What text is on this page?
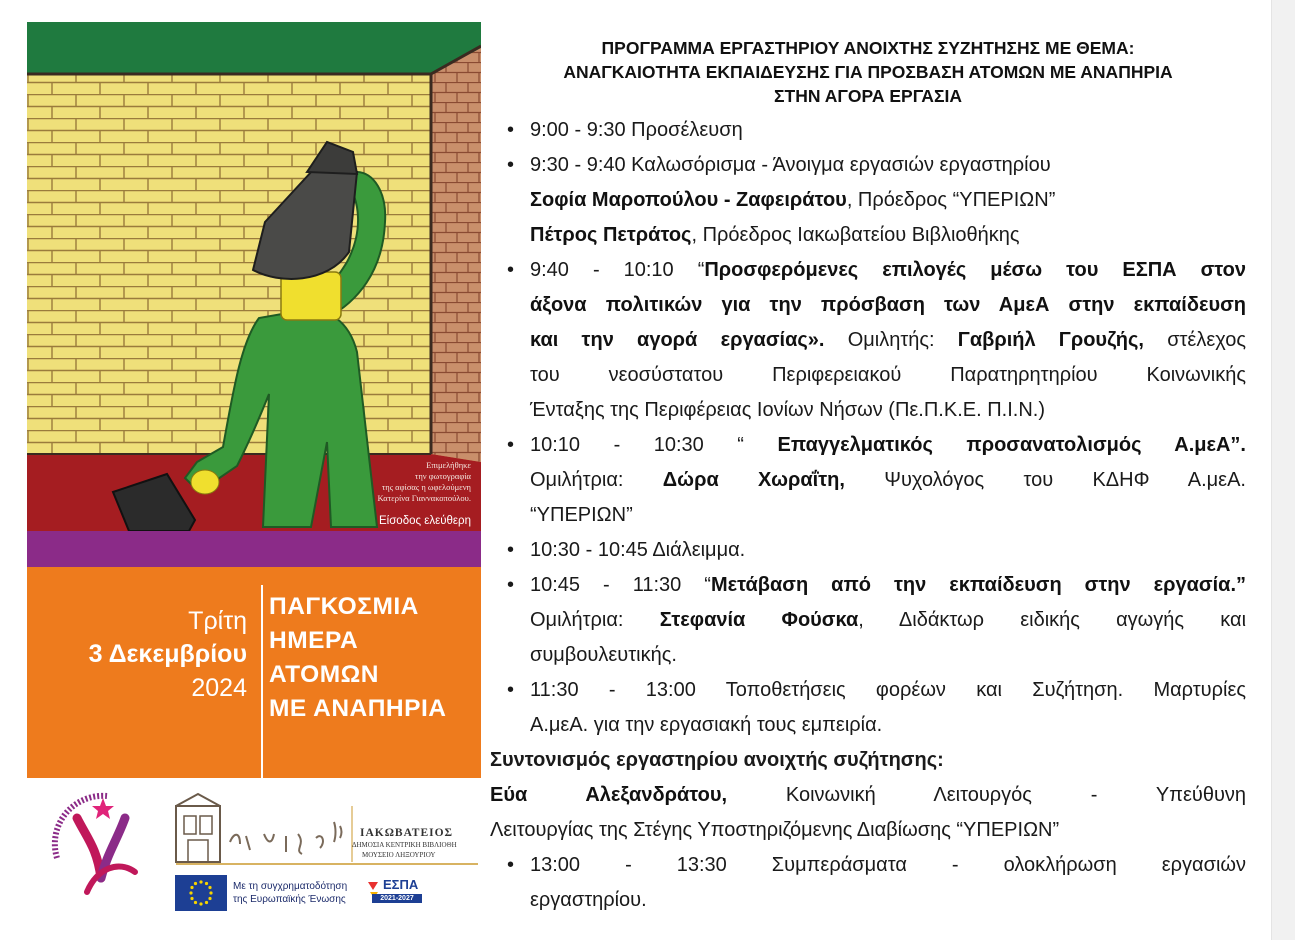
Επιμελήθηκε
την φωτογραφία
της αφίσας η ωφελούμενη
Κατερίνα Γιαννακοπούλου.
Είσοδος ελεύθερη
Τρίτη
3 Δεκεμβρίου
2024
ΠΑΓΚΟΣΜΙΑ
ΗΜΕΡΑ
ΑΤΟΜΩΝ
ΜΕ ΑΝΑΠΗΡΙΑ
ΙΑΚΩΒΑΤΕΙΟΣ
ΔΗΜΟΣΙΑ ΚΕΝΤΡΙΚΗ ΒΙΒΛΙΟΘΗ
ΜΟΥΣΕΙΟ ΛΗΞΟΥΡΙΟΥ
Με τη συγχρηματοδότηση
της Ευρωπαϊκής Ένωσης
ΕΣΠΑ
2021-2027
ΠΡΟΓΡΑΜΜΑ ΕΡΓΑΣΤΗΡΙΟΥ ΑΝΟΙΧΤΗΣ ΣΥΖΗΤΗΣΗΣ ΜΕ ΘΕΜΑ:
ΑΝΑΓΚΑΙΟΤΗΤΑ ΕΚΠΑΙΔΕΥΣΗΣ ΓΙΑ ΠΡΟΣΒΑΣΗ ΑΤΟΜΩΝ ΜΕ ΑΝΑΠΗΡΙΑ
ΣΤΗΝ ΑΓΟΡΑ ΕΡΓΑΣΙΑ
• 9:00 - 9:30 Προσέλευση
• 9:30 - 9:40 Καλωσόρισμα - Άνοιγμα εργασιών εργαστηρίου
Σοφία Μαροπούλου - Ζαφειράτου, Πρόεδρος “ΥΠΕΡΙΩΝ”
Πέτρος Πετράτος, Πρόεδρος Ιακωβατείου Βιβλιοθήκης
• 9:40 - 10:10 “Προσφερόμενες επιλογές μέσω του ΕΣΠΑ στον
άξονα πολιτικών για την πρόσβαση των ΑμεΑ στην εκπαίδευση
και την αγορά εργασίας». Ομιλητής: Γαβριήλ Γρουζής, στέλεχος
του νεοσύστατου Περιφερειακού Παρατηρητηρίου Κοινωνικής
Ένταξης της Περιφέρειας Ιονίων Νήσων (Πε.Π.Κ.Ε. Π.Ι.Ν.)
• 10:10 - 10:30 “ Επαγγελματικός προσανατολισμός Α.μεΑ”.
Ομιλήτρια: Δώρα Χωραΐτη, Ψυχολόγος του ΚΔΗΦ Α.μεΑ.
“ΥΠΕΡΙΩΝ”
• 10:30 - 10:45 Διάλειμμα.
• 10:45 - 11:30 “Μετάβαση από την εκπαίδευση στην εργασία.”
Ομιλήτρια: Στεφανία Φούσκα, Διδάκτωρ ειδικής αγωγής και
συμβουλευτικής.
• 11:30 - 13:00 Τοποθετήσεις φορέων και Συζήτηση. Μαρτυρίες
Α.μεΑ. για την εργασιακή τους εμπειρία.
Συντονισμός εργαστηρίου ανοιχτής συζήτησης:
Εύα Αλεξανδράτου, Κοινωνική Λειτουργός - Υπεύθυνη
Λειτουργίας της Στέγης Υποστηριζόμενης Διαβίωσης “ΥΠΕΡΙΩΝ”
• 13:00 - 13:30 Συμπεράσματα - ολοκλήρωση εργασιών
εργαστηρίου.
